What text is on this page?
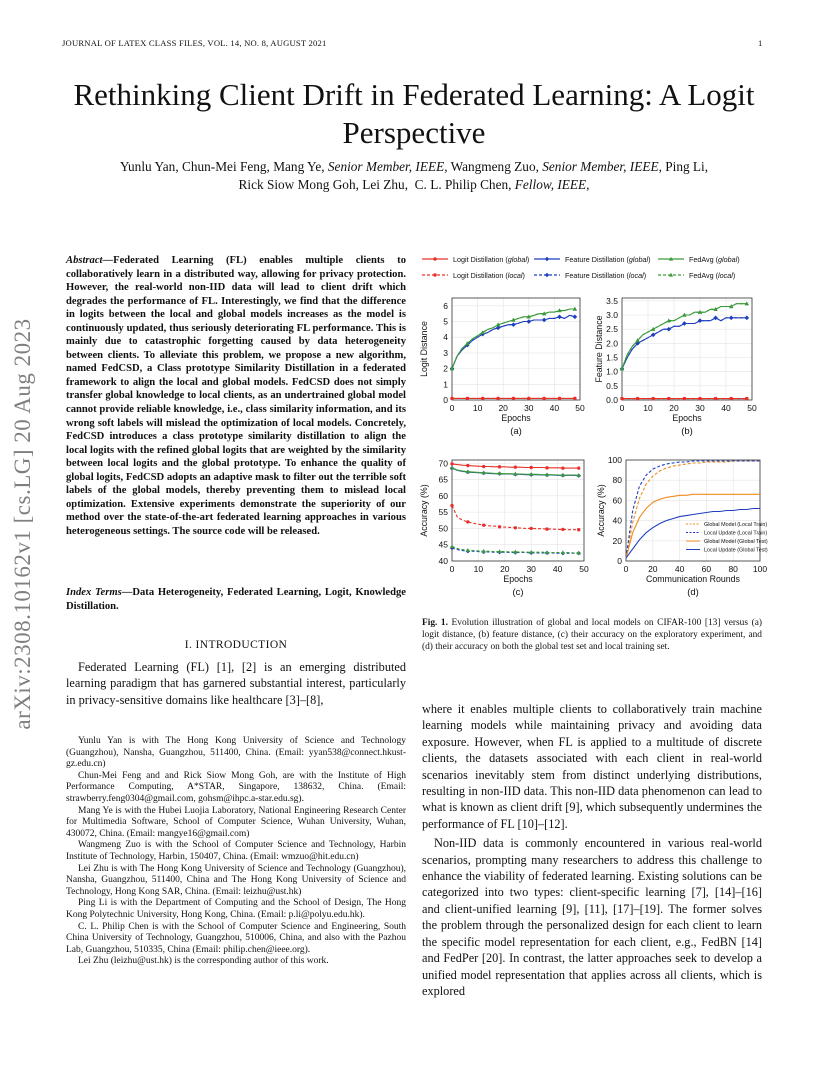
JOURNAL OF LATEX CLASS FILES, VOL. 14, NO. 8, AUGUST 2021	1
arXiv:2308.10162v1 [cs.LG] 20 Aug 2023
Rethinking Client Drift in Federated Learning: A Logit Perspective
Yunlu Yan, Chun-Mei Feng, Mang Ye, Senior Member, IEEE, Wangmeng Zuo, Senior Member, IEEE, Ping Li,
Rick Siow Mong Goh, Lei Zhu,  C. L. Philip Chen, Fellow, IEEE,
Abstract—Federated Learning (FL) enables multiple clients to collaboratively learn in a distributed way, allowing for privacy protection. However, the real-world non-IID data will lead to client drift which degrades the performance of FL. Interestingly, we find that the difference in logits between the local and global models increases as the model is continuously updated, thus seriously deteriorating FL performance. This is mainly due to catastrophic forgetting caused by data heterogeneity between clients. To alleviate this problem, we propose a new algorithm, named FedCSD, a Class prototype Similarity Distillation in a federated framework to align the local and global models. FedCSD does not simply transfer global knowledge to local clients, as an undertrained global model cannot provide reliable knowledge, i.e., class similarity information, and its wrong soft labels will mislead the optimization of local models. Concretely, FedCSD introduces a class prototype similarity distillation to align the local logits with the refined global logits that are weighted by the similarity between local logits and the global prototype. To enhance the quality of global logits, FedCSD adopts an adaptive mask to filter out the terrible soft labels of the global models, thereby preventing them to mislead local optimization. Extensive experiments demonstrate the superiority of our method over the state-of-the-art federated learning approaches in various heterogeneous settings. The source code will be released.
Index Terms—Data Heterogeneity, Federated Learning, Logit, Knowledge Distillation.
I. INTRODUCTION
Federated Learning (FL) [1], [2] is an emerging distributed learning paradigm that has garnered substantial interest, particularly in privacy-sensitive domains like healthcare [3]–[8],

Yunlu Yan is with The Hong Kong University of Science and Technology (Guangzhou), Nansha, Guangzhou, 511400, China. (Email: yyan538@connect.hkust-gz.edu.cn)

Chun-Mei Feng and and Rick Siow Mong Goh, are with the Institute of High Performance Computing, A*STAR, Singapore, 138632, China. (Email: strawberry.feng0304@gmail.com, gohsm@ihpc.a-star.edu.sg).

Mang Ye is with the Hubei Luojia Laboratory, National Engineering Research Center for Multimedia Software, School of Computer Science, Wuhan University, Wuhan, 430072, China. (Email: mangye16@gmail.com)

Wangmeng Zuo is with the School of Computer Science and Technology, Harbin Institute of Technology, Harbin, 150407, China. (Email: wmzuo@hit.edu.cn)

Lei Zhu is with The Hong Kong University of Science and Technology (Guangzhou), Nansha, Guangzhou, 511400, China and The Hong Kong University of Science and Technology, Hong Kong SAR, China. (Email: leizhu@ust.hk)

Ping Li is with the Department of Computing and the School of Design, The Hong Kong Polytechnic University, Hong Kong, China. (Email: p.li@polyu.edu.hk).

C. L. Philip Chen is with the School of Computer Science and Engineering, South China University of Technology, Guangzhou, 510006, China, and also with the Pazhou Lab, Guangzhou, 510335, China (Email: philip.chen@ieee.org).

Lei Zhu (leizhu@ust.hk) is the corresponding author of this work.

Logit Distillation (global)	Feature Distillation (global)	FedAvg (global)
Logit Distillation (local)	Feature Distillation (local)	FedAvg (local)
0
1
2
3
4
5
6
0 10 20 30 40 50
Epochs
Logit Distance
(a)
0.0
0.5
1.0
1.5
2.0
2.5
3.0
3.5
0 10 20 30 40 50
Epochs
Feature Distance
(b)
40
45
50
55
60
65
70
0 10 20 30 40 50
Epochs
Accuracy (%)
(c)
0
20
40
60
80
100
0 20 40 60 80 100
Communication Rounds
Accuracy (%)
(d)
Global Model (Local Train)
Local Update (Local Train)
Global Model (Global Test)
Local Update (Global Test)
Fig. 1. Evolution illustration of global and local models on CIFAR-100 [13] versus (a) logit distance, (b) feature distance, (c) their accuracy on the exploratory experiment, and (d) their accuracy on both the global test set and local training set.

where it enables multiple clients to collaboratively train machine learning models while maintaining privacy and avoiding data exposure. However, when FL is applied to a multitude of discrete clients, the datasets associated with each client in real-world scenarios inevitably stem from distinct underlying distributions, resulting in non-IID data. This non-IID data phenomenon can lead to what is known as client drift [9], which subsequently undermines the performance of FL [10]–[12].

Non-IID data is commonly encountered in various real-world scenarios, prompting many researchers to address this challenge to enhance the viability of federated learning. Existing solutions can be categorized into two types: client-specific learning [7], [14]–[16] and client-unified learning [9], [11], [17]–[19]. The former solves the problem through the personalized design for each client to learn the specific model representation for each client, e.g., FedBN [14] and FedPer [20]. In contrast, the latter approaches seek to develop a unified model representation that applies across all clients, which is explored
